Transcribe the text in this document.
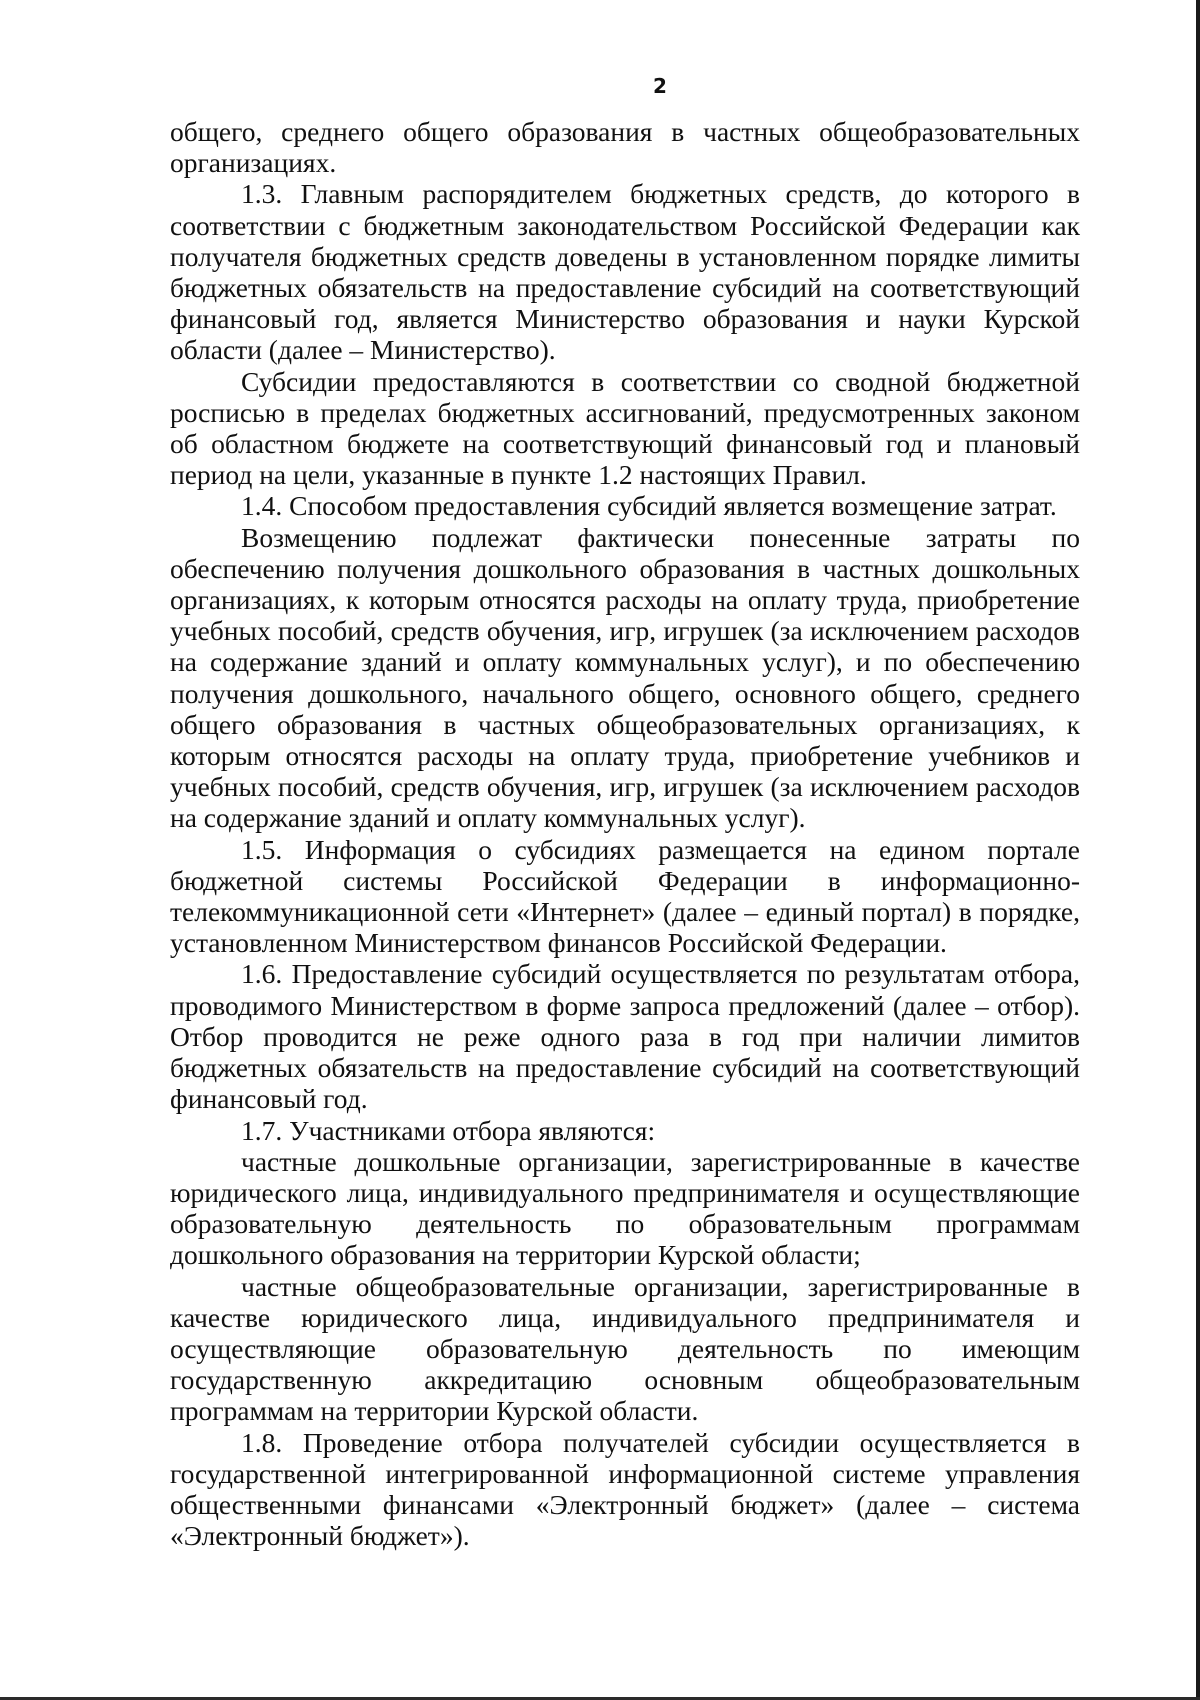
2

общего, среднего общего образования в частных общеобразовательных организациях.

1.3. Главным распорядителем бюджетных средств, до которого в соответствии с бюджетным законодательством Российской Федерации как получателя бюджетных средств доведены в установленном порядке лимиты бюджетных обязательств на предоставление субсидий на соответствующий финансовый год, является Министерство образования и науки Курской области (далее – Министерство).

Субсидии предоставляются в соответствии со сводной бюджетной росписью в пределах бюджетных ассигнований, предусмотренных законом об областном бюджете на соответствующий финансовый год и плановый период на цели, указанные в пункте 1.2 настоящих Правил.

1.4. Способом предоставления субсидий является возмещение затрат.

Возмещению подлежат фактически понесенные затраты по обеспечению получения дошкольного образования в частных дошкольных организациях, к которым относятся расходы на оплату труда, приобретение учебных пособий, средств обучения, игр, игрушек (за исключением расходов на содержание зданий и оплату коммунальных услуг), и по обеспечению получения дошкольного, начального общего, основного общего, среднего общего образования в частных общеобразовательных организациях, к которым относятся расходы на оплату труда, приобретение учебников и учебных пособий, средств обучения, игр, игрушек (за исключением расходов на содержание зданий и оплату коммунальных услуг).

1.5. Информация о субсидиях размещается на едином портале бюджетной системы Российской Федерации в информационно-телекоммуникационной сети «Интернет» (далее – единый портал) в порядке, установленном Министерством финансов Российской Федерации.

1.6. Предоставление субсидий осуществляется по результатам отбора, проводимого Министерством в форме запроса предложений (далее – отбор). Отбор проводится не реже одного раза в год при наличии лимитов бюджетных обязательств на предоставление субсидий на соответствующий финансовый год.

1.7. Участниками отбора являются:

частные дошкольные организации, зарегистрированные в качестве юридического лица, индивидуального предпринимателя и осуществляющие образовательную деятельность по образовательным программам дошкольного образования на территории Курской области;

частные общеобразовательные организации, зарегистрированные в качестве юридического лица, индивидуального предпринимателя и осуществляющие образовательную деятельность по имеющим государственную аккредитацию основным общеобразовательным программам на территории Курской области.

1.8. Проведение отбора получателей субсидии осуществляется в государственной интегрированной информационной системе управления общественными финансами «Электронный бюджет» (далее – система «Электронный бюджет»).
